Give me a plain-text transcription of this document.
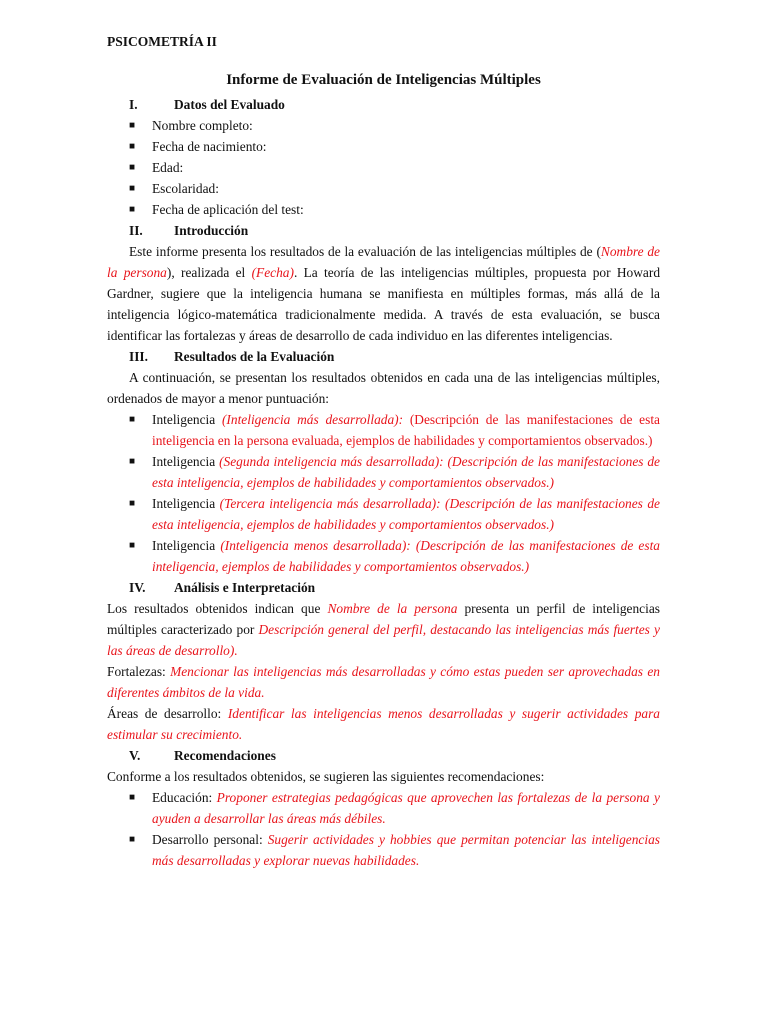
PSICOMETRÍA II
Informe de Evaluación de Inteligencias Múltiples
I.	Datos del Evaluado
■	Nombre completo:
■	Fecha de nacimiento:
■	Edad:
■	Escolaridad:
■	Fecha de aplicación del test:
II.	Introducción
Este informe presenta los resultados de la evaluación de las inteligencias múltiples de (Nombre de la persona), realizada el (Fecha). La teoría de las inteligencias múltiples, propuesta por Howard Gardner, sugiere que la inteligencia humana se manifiesta en múltiples formas, más allá de la inteligencia lógico-matemática tradicionalmente medida. A través de esta evaluación, se busca identificar las fortalezas y áreas de desarrollo de cada individuo en las diferentes inteligencias.
III.	Resultados de la Evaluación
A continuación, se presentan los resultados obtenidos en cada una de las inteligencias múltiples, ordenados de mayor a menor puntuación:
■	Inteligencia (Inteligencia más desarrollada): (Descripción de las manifestaciones de esta inteligencia en la persona evaluada, ejemplos de habilidades y comportamientos observados.)
■	Inteligencia (Segunda inteligencia más desarrollada): (Descripción de las manifestaciones de esta inteligencia, ejemplos de habilidades y comportamientos observados.)
■	Inteligencia (Tercera inteligencia más desarrollada): (Descripción de las manifestaciones de esta inteligencia, ejemplos de habilidades y comportamientos observados.)
■	Inteligencia (Inteligencia menos desarrollada): (Descripción de las manifestaciones de esta inteligencia, ejemplos de habilidades y comportamientos observados.)
IV.	Análisis e Interpretación
Los resultados obtenidos indican que Nombre de la persona presenta un perfil de inteligencias múltiples caracterizado por Descripción general del perfil, destacando las inteligencias más fuertes y las áreas de desarrollo).
Fortalezas: Mencionar las inteligencias más desarrolladas y cómo estas pueden ser aprovechadas en diferentes ámbitos de la vida.
Áreas de desarrollo: Identificar las inteligencias menos desarrolladas y sugerir actividades para estimular su crecimiento.
V.	Recomendaciones
Conforme a los resultados obtenidos, se sugieren las siguientes recomendaciones:
■	Educación: Proponer estrategias pedagógicas que aprovechen las fortalezas de la persona y ayuden a desarrollar las áreas más débiles.
■	Desarrollo personal: Sugerir actividades y hobbies que permitan potenciar las inteligencias más desarrolladas y explorar nuevas habilidades.
